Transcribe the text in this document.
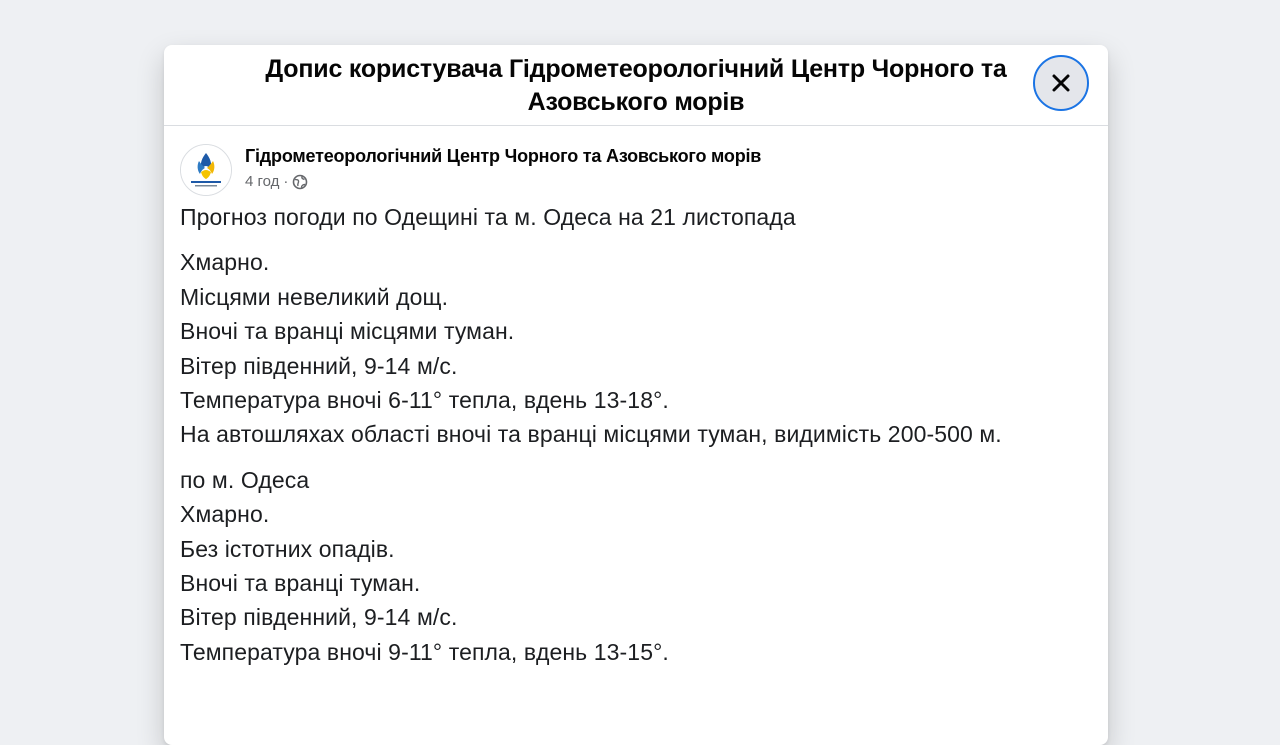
Допис користувача Гідрометеорологічний Центр Чорного та Азовського морів
Гідрометеорологічний Центр Чорного та Азовського морів
4 год ·

Прогноз погоди по Одещині та м. Одеса на 21 листопада

Хмарно.
Місцями невеликий дощ.
Вночі та вранці місцями туман.
Вітер південний, 9-14 м/с.
Температура вночі 6-11° тепла, вдень 13-18°.
На автошляхах області вночі та вранці місцями туман, видимість 200-500 м.

по м. Одеса
Хмарно.
Без істотних опадів.
Вночі та вранці туман.
Вітер південний, 9-14 м/с.
Температура вночі 9-11° тепла, вдень 13-15°.
